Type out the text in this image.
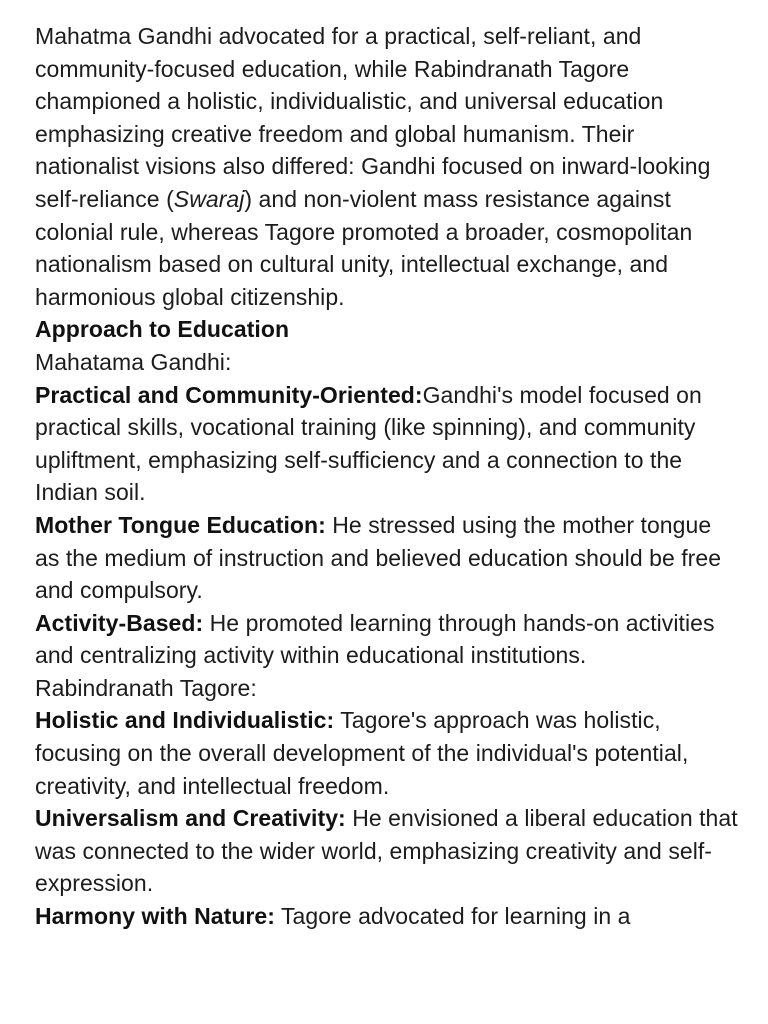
Mahatma Gandhi advocated for a practical, self-reliant, and community-focused education, while Rabindranath Tagore championed a holistic, individualistic, and universal education emphasizing creative freedom and global humanism. Their nationalist visions also differed: Gandhi focused on inward-looking self-reliance (Swaraj) and non-violent mass resistance against colonial rule, whereas Tagore promoted a broader, cosmopolitan nationalism based on cultural unity, intellectual exchange, and harmonious global citizenship.

Approach to Education

Mahatama Gandhi:

Practical and Community-Oriented:Gandhi's model focused on practical skills, vocational training (like spinning), and community upliftment, emphasizing self-sufficiency and a connection to the Indian soil.

Mother Tongue Education: He stressed using the mother tongue as the medium of instruction and believed education should be free and compulsory.

Activity-Based: He promoted learning through hands-on activities and centralizing activity within educational institutions.

Rabindranath Tagore:

Holistic and Individualistic: Tagore's approach was holistic, focusing on the overall development of the individual's potential, creativity, and intellectual freedom.

Universalism and Creativity: He envisioned a liberal education that was connected to the wider world, emphasizing creativity and self-expression.

Harmony with Nature: Tagore advocated for learning in a
